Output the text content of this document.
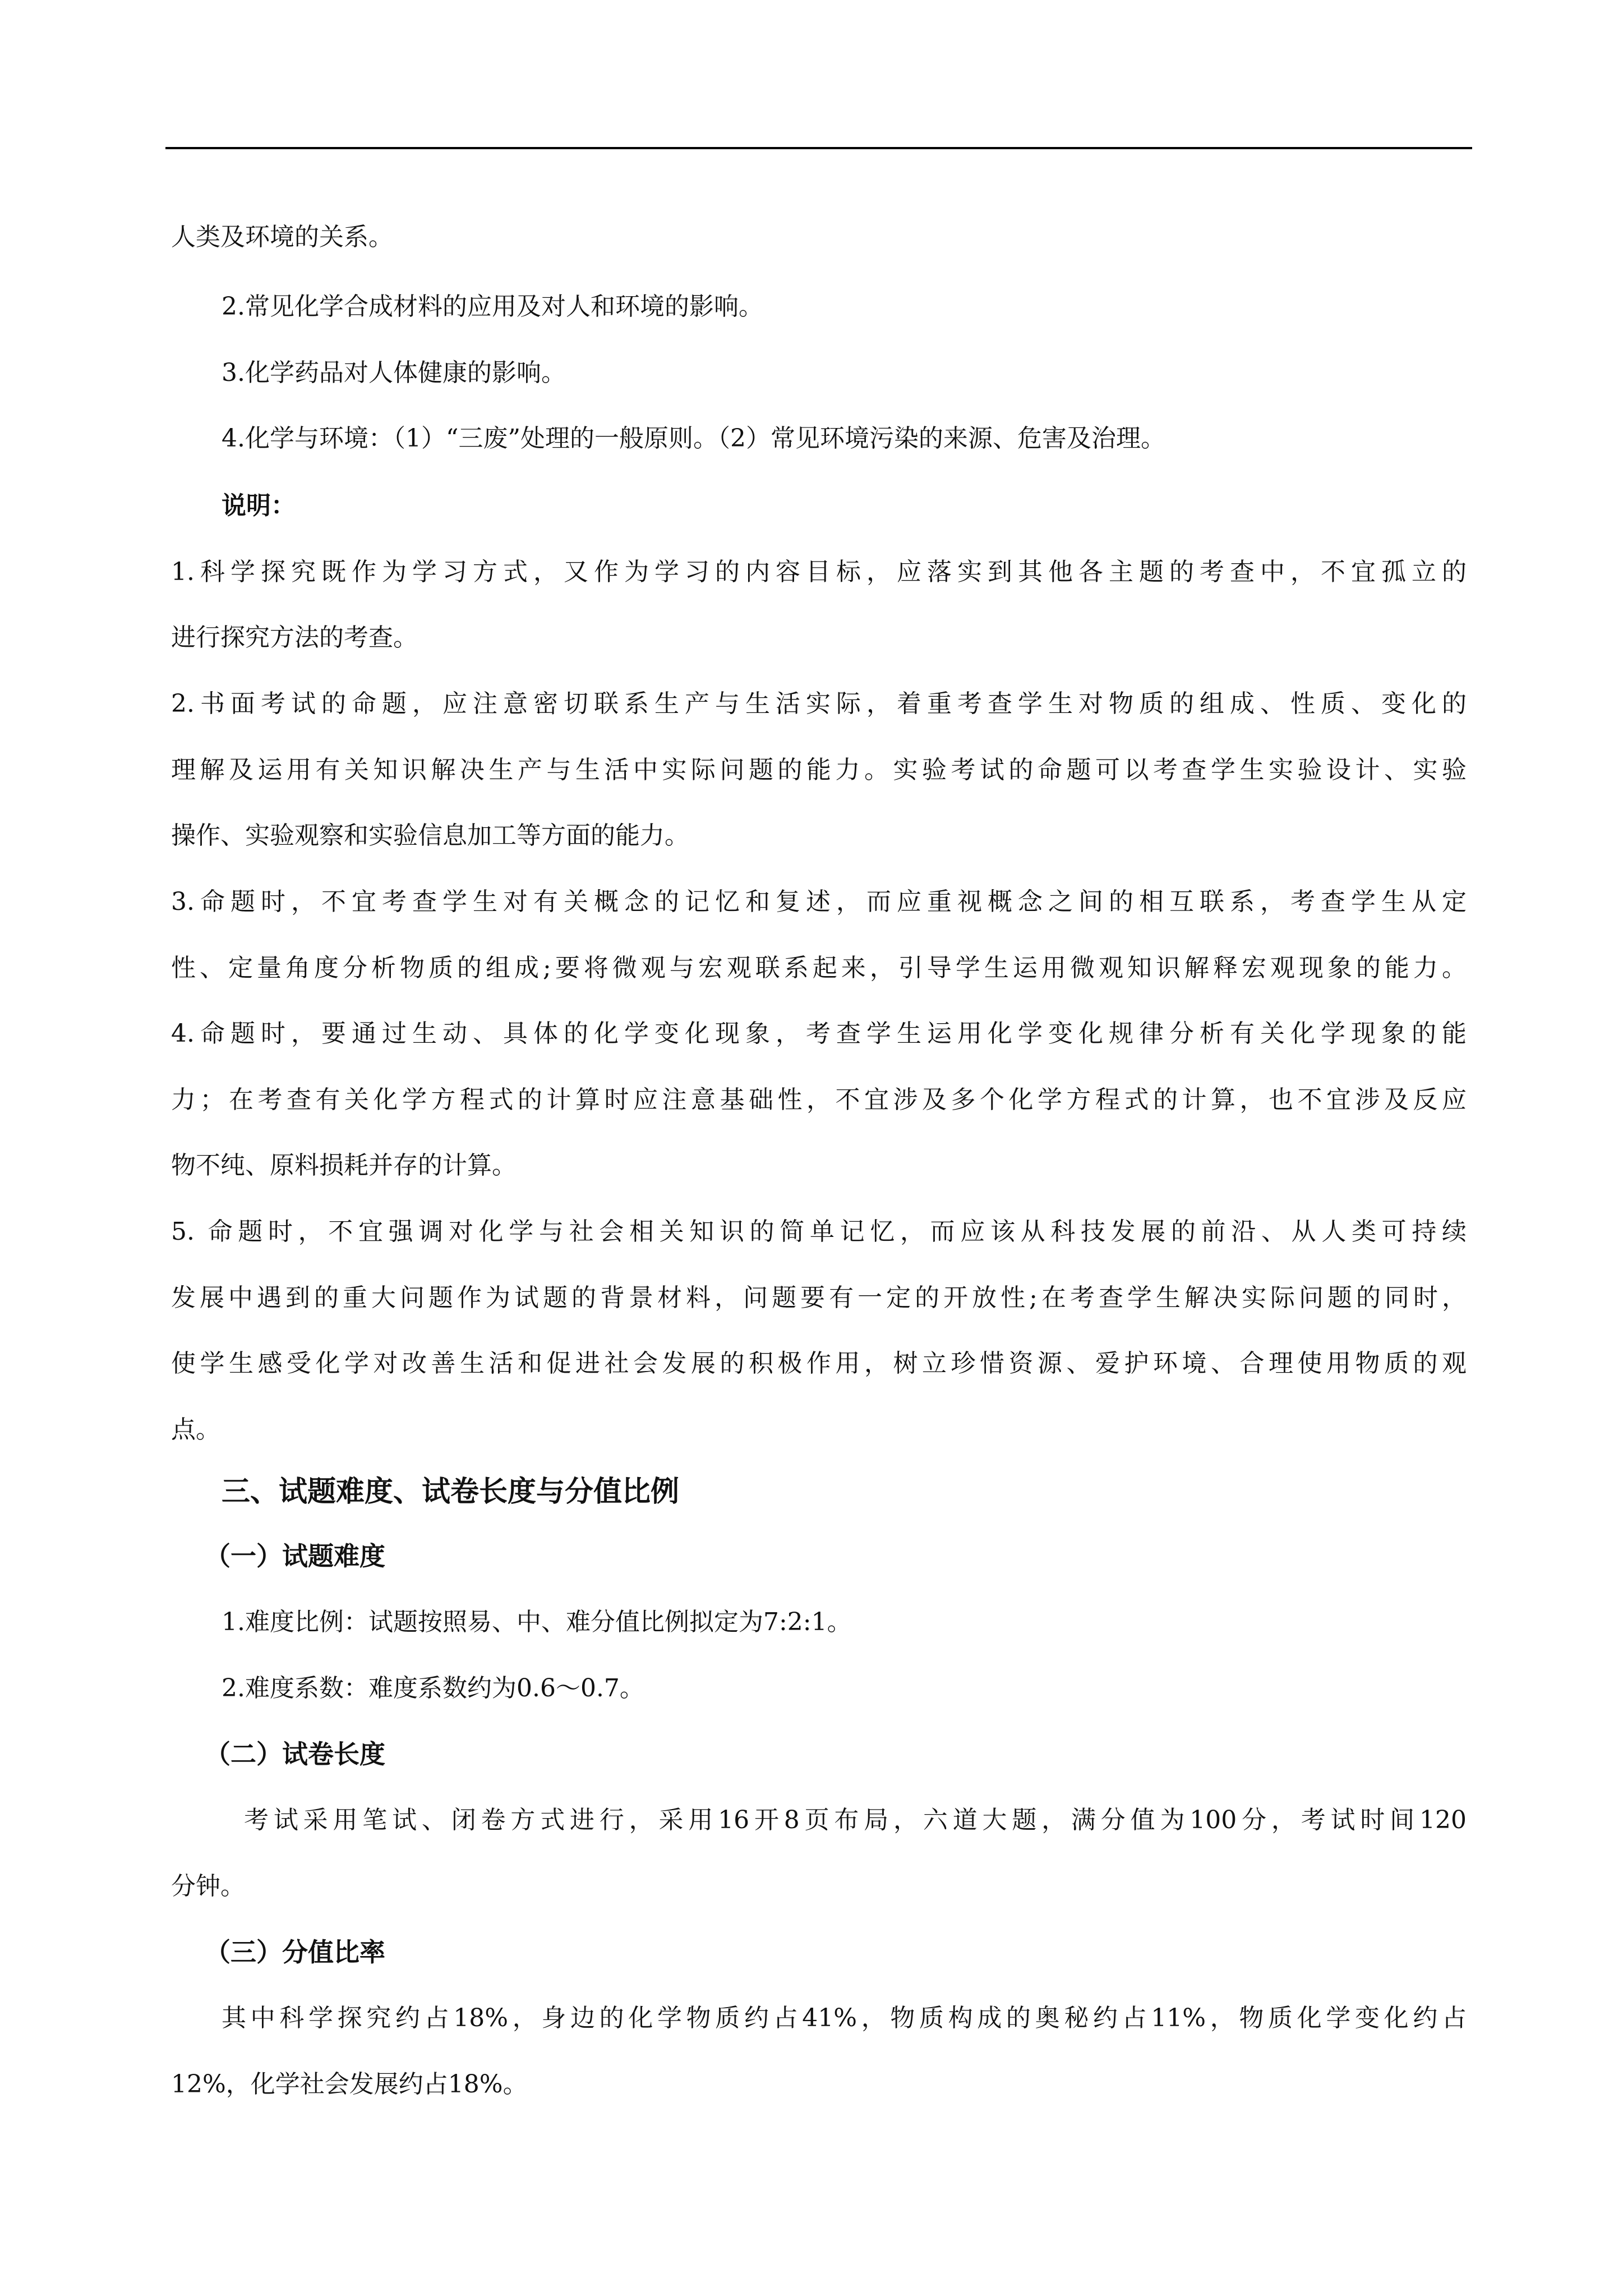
人类及环境的关系。
2.常见化学合成材料的应用及对人和环境的影响。
3.化学药品对人体健康的影响。
4.化学与环境：（1）“三废”处理的一般原则。（2）常见环境污染的来源、危害及治理。
说明：
1.科学探究既作为学习方式，又作为学习的内容目标，应落实到其他各主题的考查中，不宜孤立的
进行探究方法的考查。
2.书面考试的命题，应注意密切联系生产与生活实际，着重考查学生对物质的组成、性质、变化的
理解及运用有关知识解决生产与生活中实际问题的能力。实验考试的命题可以考查学生实验设计、实验
操作、实验观察和实验信息加工等方面的能力。
3.命题时，不宜考查学生对有关概念的记忆和复述，而应重视概念之间的相互联系，考查学生从定
性、定量角度分析物质的组成;要将微观与宏观联系起来，引导学生运用微观知识解释宏观现象的能力。
4.命题时，要通过生动、具体的化学变化现象，考查学生运用化学变化规律分析有关化学现象的能
力；在考查有关化学方程式的计算时应注意基础性，不宜涉及多个化学方程式的计算，也不宜涉及反应
物不纯、原料损耗并存的计算。
5. 命题时，不宜强调对化学与社会相关知识的简单记忆，而应该从科技发展的前沿、从人类可持续
发展中遇到的重大问题作为试题的背景材料，问题要有一定的开放性;在考查学生解决实际问题的同时，
使学生感受化学对改善生活和促进社会发展的积极作用，树立珍惜资源、爱护环境、合理使用物质的观
点。
三、试题难度、试卷长度与分值比例
（一）试题难度
1.难度比例：试题按照易、中、难分值比例拟定为7:2:1。
2.难度系数：难度系数约为0.6～0.7。
（二）试卷长度
考试采用笔试、闭卷方式进行，采用16开8页布局，六道大题，满分值为100分，考试时间120
分钟。
（三）分值比率
其中科学探究约占18%，身边的化学物质约占41%，物质构成的奥秘约占11%，物质化学变化约占
12%，化学社会发展约占18%。
